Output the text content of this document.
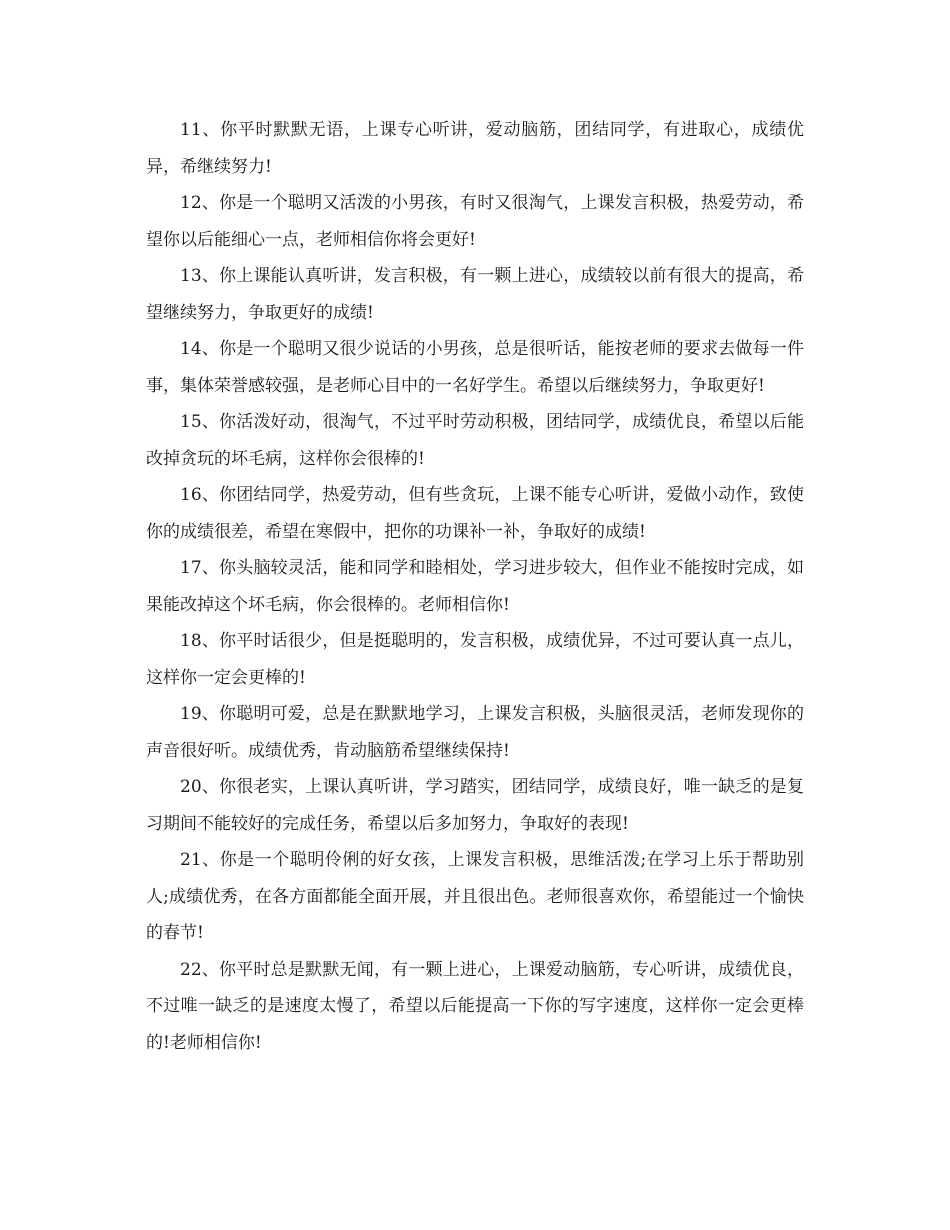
11、你平时默默无语，上课专心听讲，爱动脑筋，团结同学，有进取心，成绩优异，希继续努力!

12、你是一个聪明又活泼的小男孩，有时又很淘气，上课发言积极，热爱劳动，希望你以后能细心一点，老师相信你将会更好!

13、你上课能认真听讲，发言积极，有一颗上进心，成绩较以前有很大的提高，希望继续努力，争取更好的成绩!

14、你是一个聪明又很少说话的小男孩，总是很听话，能按老师的要求去做每一件事，集体荣誉感较强，是老师心目中的一名好学生。希望以后继续努力，争取更好!

15、你活泼好动，很淘气，不过平时劳动积极，团结同学，成绩优良，希望以后能改掉贪玩的坏毛病，这样你会很棒的!

16、你团结同学，热爱劳动，但有些贪玩，上课不能专心听讲，爱做小动作，致使你的成绩很差，希望在寒假中，把你的功课补一补，争取好的成绩!

17、你头脑较灵活，能和同学和睦相处，学习进步较大，但作业不能按时完成，如果能改掉这个坏毛病，你会很棒的。老师相信你!

18、你平时话很少，但是挺聪明的，发言积极，成绩优异，不过可要认真一点儿，这样你一定会更棒的!

19、你聪明可爱，总是在默默地学习，上课发言积极，头脑很灵活，老师发现你的声音很好听。成绩优秀，肯动脑筋希望继续保持!

20、你很老实，上课认真听讲，学习踏实，团结同学，成绩良好，唯一缺乏的是复习期间不能较好的完成任务，希望以后多加努力，争取好的表现!

21、你是一个聪明伶俐的好女孩，上课发言积极，思维活泼;在学习上乐于帮助别人;成绩优秀，在各方面都能全面开展，并且很出色。老师很喜欢你，希望能过一个愉快的春节!

22、你平时总是默默无闻，有一颗上进心，上课爱动脑筋，专心听讲，成绩优良，不过唯一缺乏的是速度太慢了，希望以后能提高一下你的写字速度，这样你一定会更棒的!老师相信你!
